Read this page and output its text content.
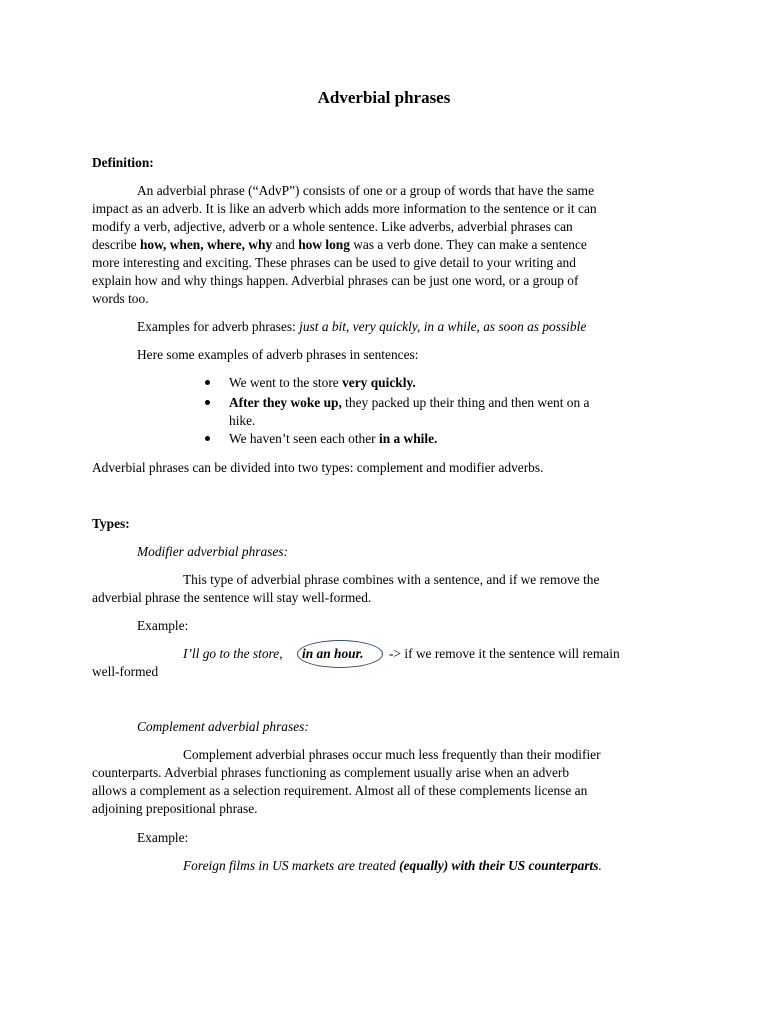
Adverbial phrases
Definition:
An adverbial phrase (“AdvP”) consists of one or a group of words that have the same
impact as an adverb. It is like an adverb which adds more information to the sentence or it can
modify a verb, adjective, adverb or a whole sentence. Like adverbs, adverbial phrases can
describe how, when, where, why and how long was a verb done. They can make a sentence
more interesting and exciting. These phrases can be used to give detail to your writing and
explain how and why things happen. Adverbial phrases can be just one word, or a group of
words too.
Examples for adverb phrases: just a bit, very quickly, in a while, as soon as possible
Here some examples of adverb phrases in sentences:
We went to the store very quickly.
After they woke up, they packed up their thing and then went on a
hike.
We haven’t seen each other in a while.
Adverbial phrases can be divided into two types: complement and modifier adverbs.
Types:
Modifier adverbial phrases:
This type of adverbial phrase combines with a sentence, and if we remove the
adverbial phrase the sentence will stay well-formed.
Example:
I’ll go to the store, in an hour. -> if we remove it the sentence will remain
well-formed
Complement adverbial phrases:
Complement adverbial phrases occur much less frequently than their modifier
counterparts. Adverbial phrases functioning as complement usually arise when an adverb
allows a complement as a selection requirement. Almost all of these complements license an
adjoining prepositional phrase.
Example:
Foreign films in US markets are treated (equally) with their US counterparts.
